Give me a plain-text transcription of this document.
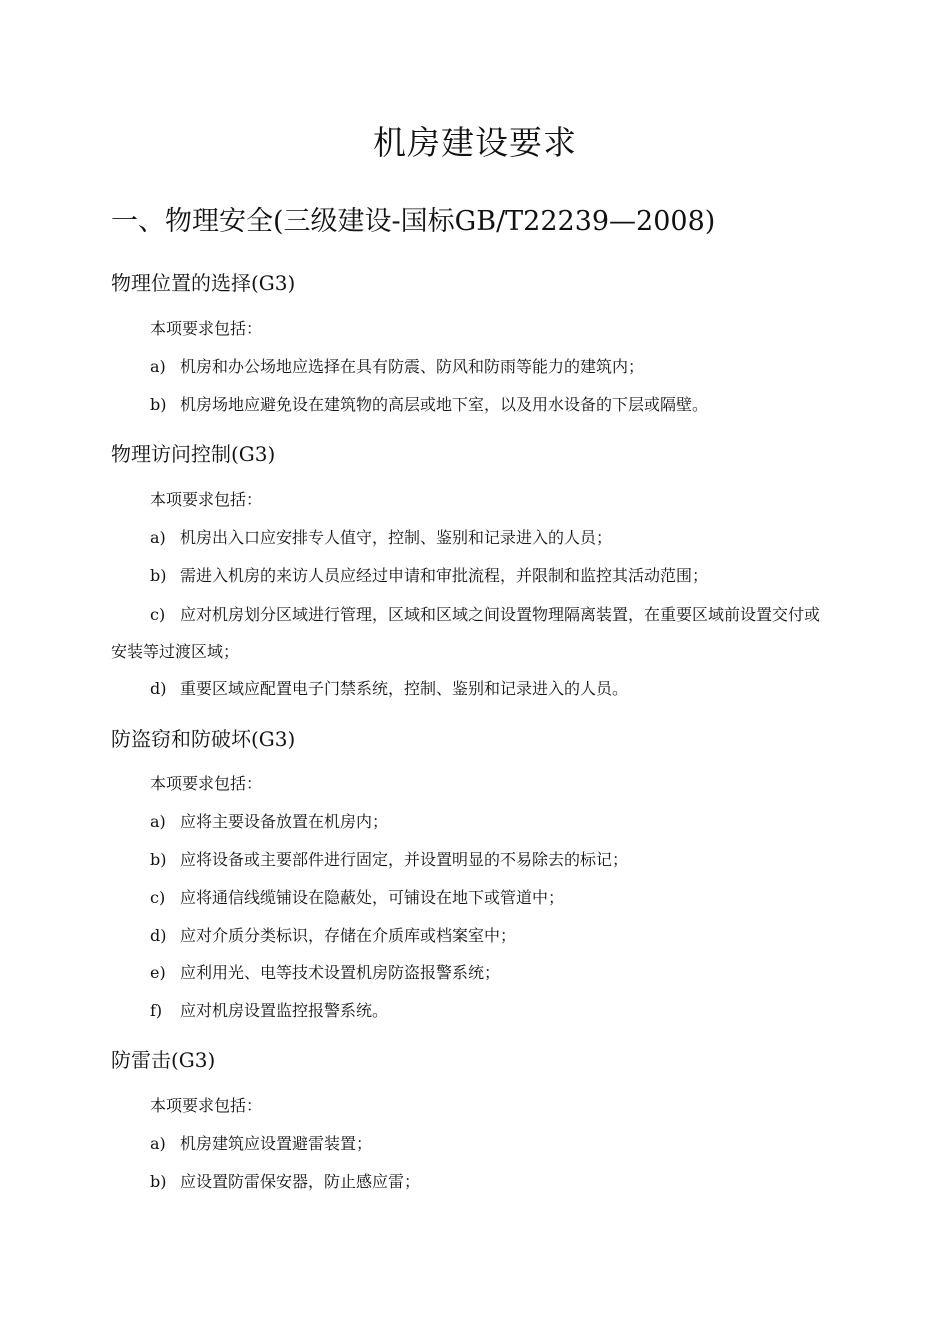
机房建设要求
一、物理安全(三级建设-国标GB/T22239—2008)
物理位置的选择(G3)
本项要求包括：
a) 机房和办公场地应选择在具有防震、防风和防雨等能力的建筑内；
b) 机房场地应避免设在建筑物的高层或地下室，以及用水设备的下层或隔壁。
物理访问控制(G3)
本项要求包括：
a) 机房出入口应安排专人值守，控制、鉴别和记录进入的人员；
b) 需进入机房的来访人员应经过申请和审批流程，并限制和监控其活动范围；
c) 应对机房划分区域进行管理，区域和区域之间设置物理隔离装置，在重要区域前设置交付或安装等过渡区域；
d) 重要区域应配置电子门禁系统，控制、鉴别和记录进入的人员。
防盗窃和防破坏(G3)
本项要求包括：
a) 应将主要设备放置在机房内；
b) 应将设备或主要部件进行固定，并设置明显的不易除去的标记；
c) 应将通信线缆铺设在隐蔽处，可铺设在地下或管道中；
d) 应对介质分类标识，存储在介质库或档案室中；
e) 应利用光、电等技术设置机房防盗报警系统；
f) 应对机房设置监控报警系统。
防雷击(G3)
本项要求包括：
a) 机房建筑应设置避雷装置；
b) 应设置防雷保安器，防止感应雷；
